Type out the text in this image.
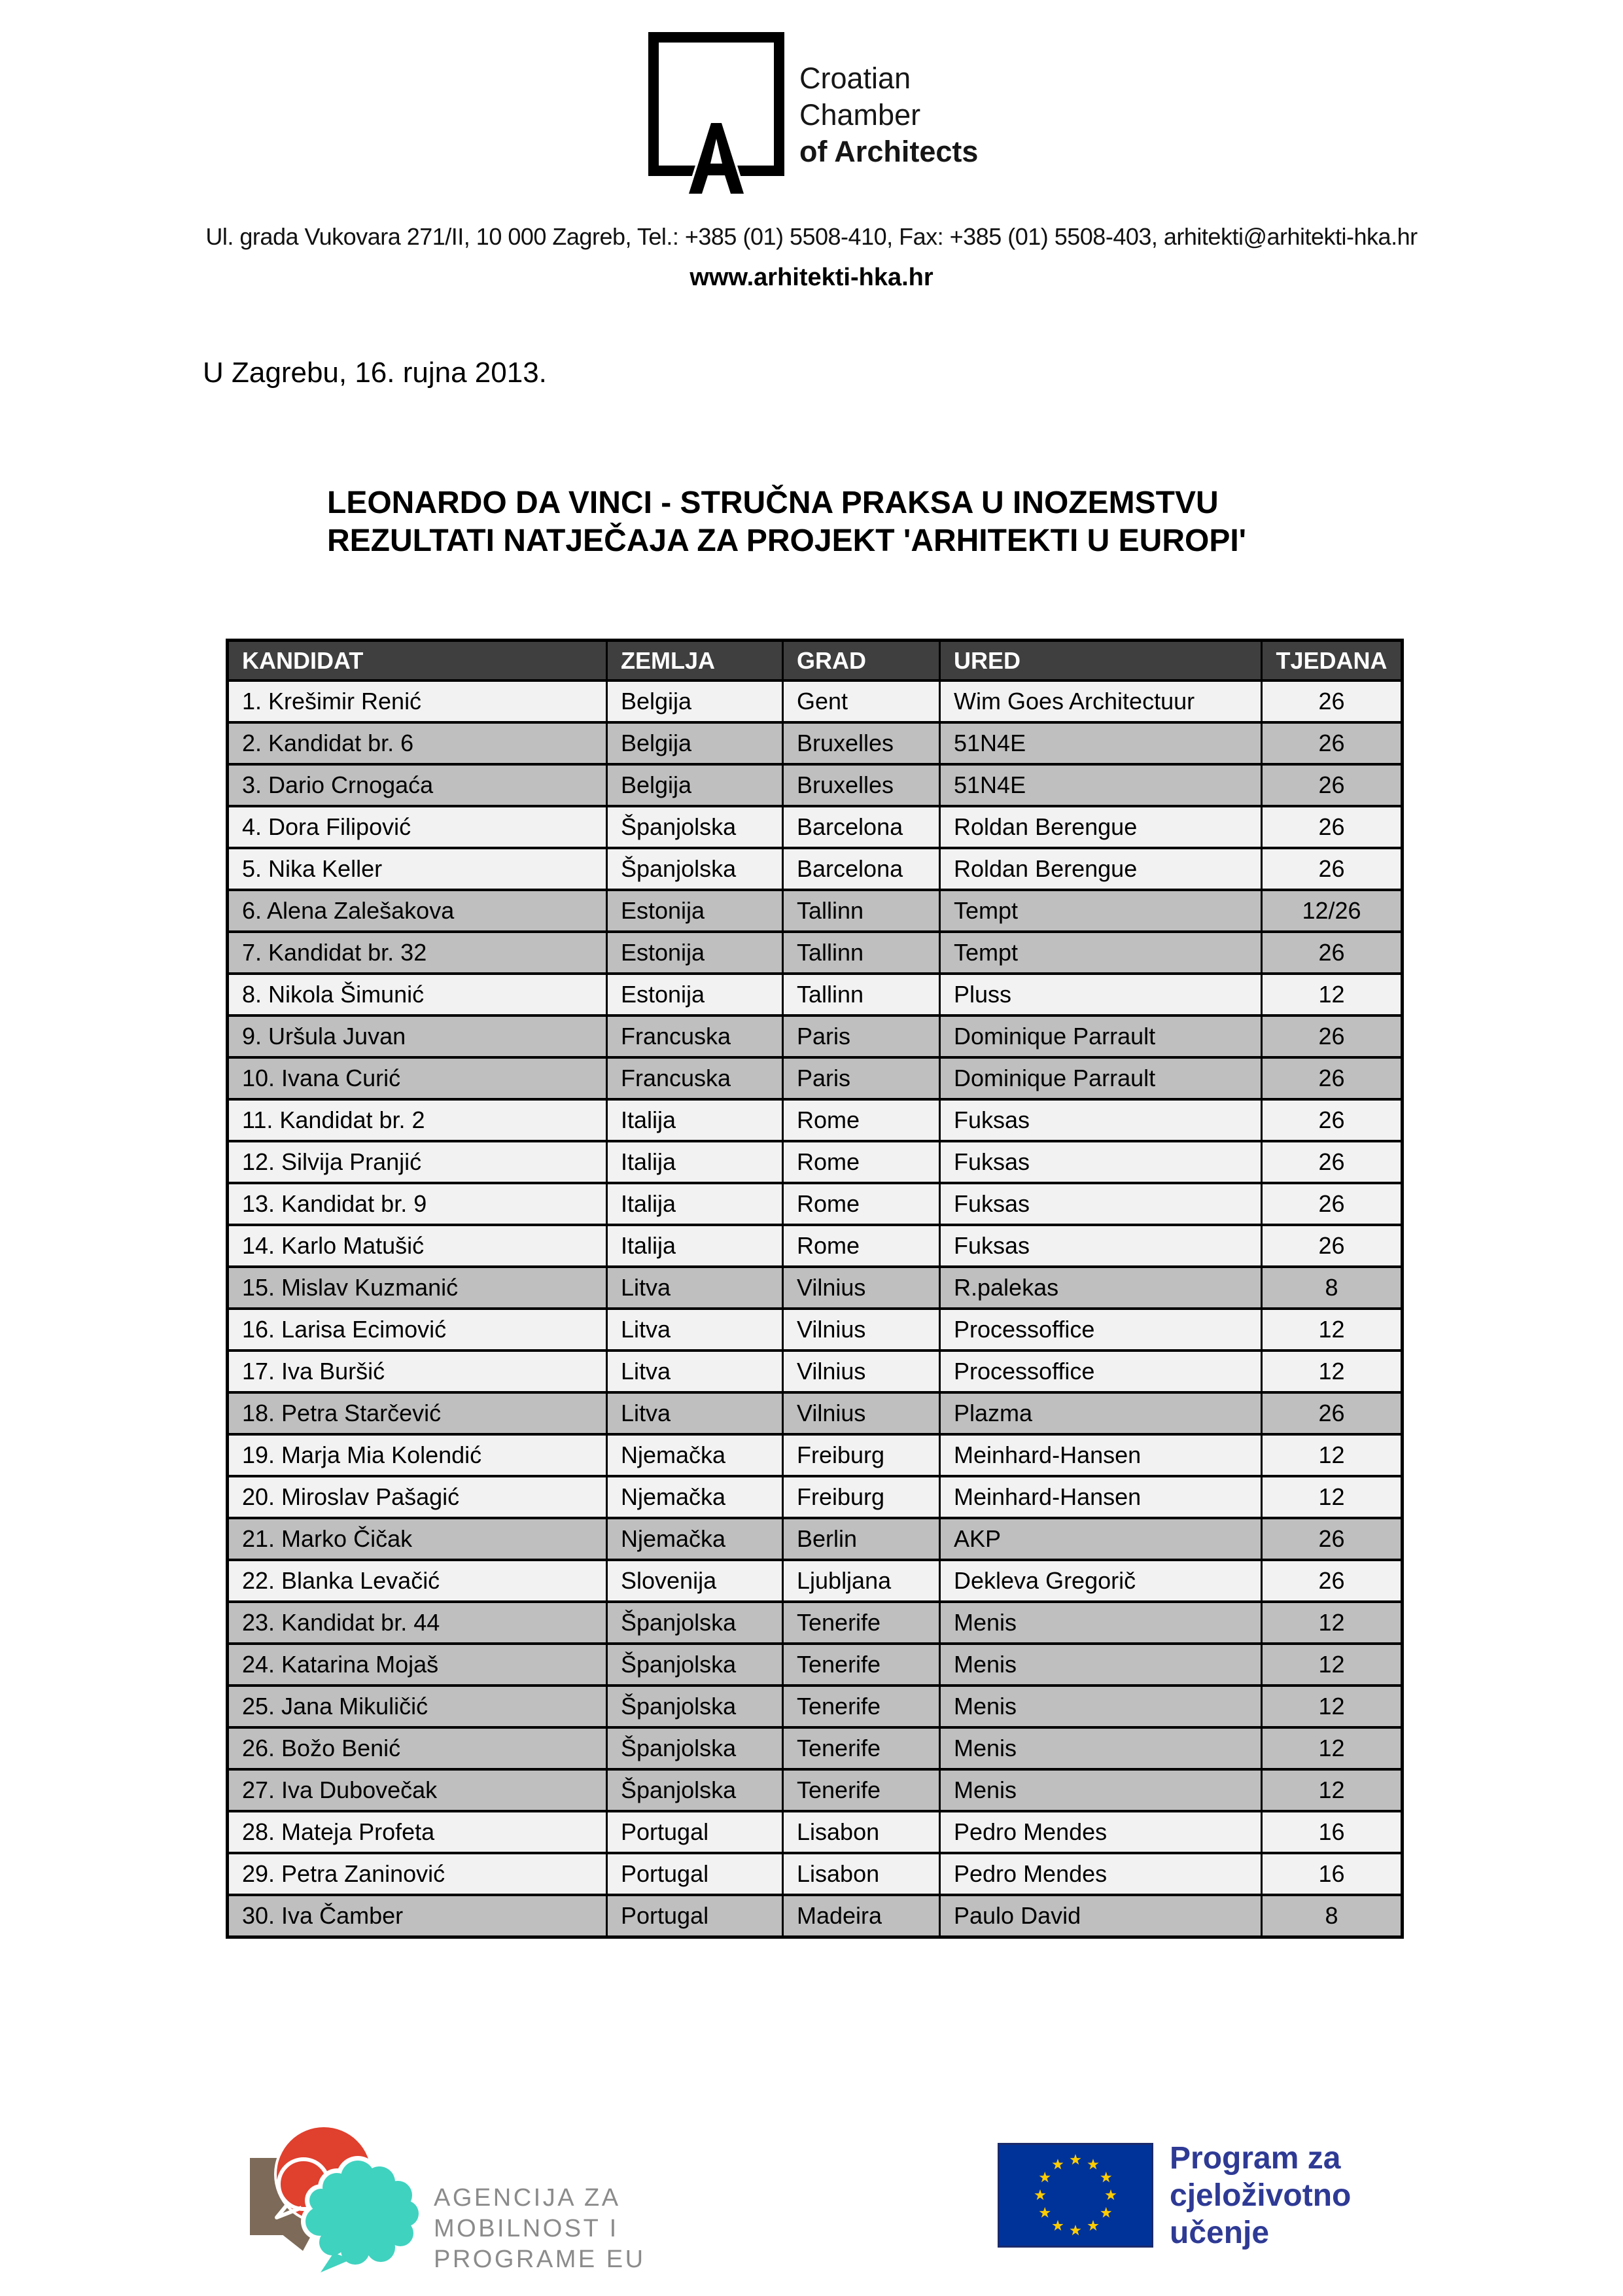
Croatian
Chamber
of Architects
Ul. grada Vukovara 271/II, 10 000 Zagreb, Tel.: +385 (01) 5508-410, Fax: +385 (01) 5508-403, arhitekti@arhitekti-hka.hr
www.arhitekti-hka.hr
U Zagrebu, 16. rujna 2013.
LEONARDO DA VINCI - STRUČNA PRAKSA U INOZEMSTVU
REZULTATI NATJEČAJA ZA PROJEKT 'ARHITEKTI U EUROPI'
KANDIDAT	ZEMLJA	GRAD	URED	TJEDANA
1. Krešimir Renić	Belgija	Gent	Wim Goes Architectuur	26
2. Kandidat br. 6	Belgija	Bruxelles	51N4E	26
3. Dario Crnogaća	Belgija	Bruxelles	51N4E	26
4. Dora Filipović	Španjolska	Barcelona	Roldan Berengue	26
5. Nika Keller	Španjolska	Barcelona	Roldan Berengue	26
6. Alena Zalešakova	Estonija	Tallinn	Tempt	12/26
7. Kandidat br. 32	Estonija	Tallinn	Tempt	26
8. Nikola Šimunić	Estonija	Tallinn	Pluss	12
9. Uršula Juvan	Francuska	Paris	Dominique Parrault	26
10. Ivana Curić	Francuska	Paris	Dominique Parrault	26
11. Kandidat br. 2	Italija	Rome	Fuksas	26
12. Silvija Pranjić	Italija	Rome	Fuksas	26
13. Kandidat br. 9	Italija	Rome	Fuksas	26
14. Karlo Matušić	Italija	Rome	Fuksas	26
15. Mislav Kuzmanić	Litva	Vilnius	R.palekas	8
16. Larisa Ecimović	Litva	Vilnius	Processoffice	12
17. Iva Buršić	Litva	Vilnius	Processoffice	12
18. Petra Starčević	Litva	Vilnius	Plazma	26
19. Marja Mia Kolendić	Njemačka	Freiburg	Meinhard-Hansen	12
20. Miroslav Pašagić	Njemačka	Freiburg	Meinhard-Hansen	12
21. Marko Čičak	Njemačka	Berlin	AKP	26
22. Blanka Levačić	Slovenija	Ljubljana	Dekleva Gregorič	26
23. Kandidat br. 44	Španjolska	Tenerife	Menis	12
24. Katarina Mojaš	Španjolska	Tenerife	Menis	12
25. Jana Mikuličić	Španjolska	Tenerife	Menis	12
26. Božo Benić	Španjolska	Tenerife	Menis	12
27. Iva Dubovečak	Španjolska	Tenerife	Menis	12
28. Mateja Profeta	Portugal	Lisabon	Pedro Mendes	16
29. Petra Zaninović	Portugal	Lisabon	Pedro Mendes	16
30. Iva Čamber	Portugal	Madeira	Paulo David	8
AGENCIJA ZA
MOBILNOST I
PROGRAME EU
Program za
cjeloživotno
učenje
